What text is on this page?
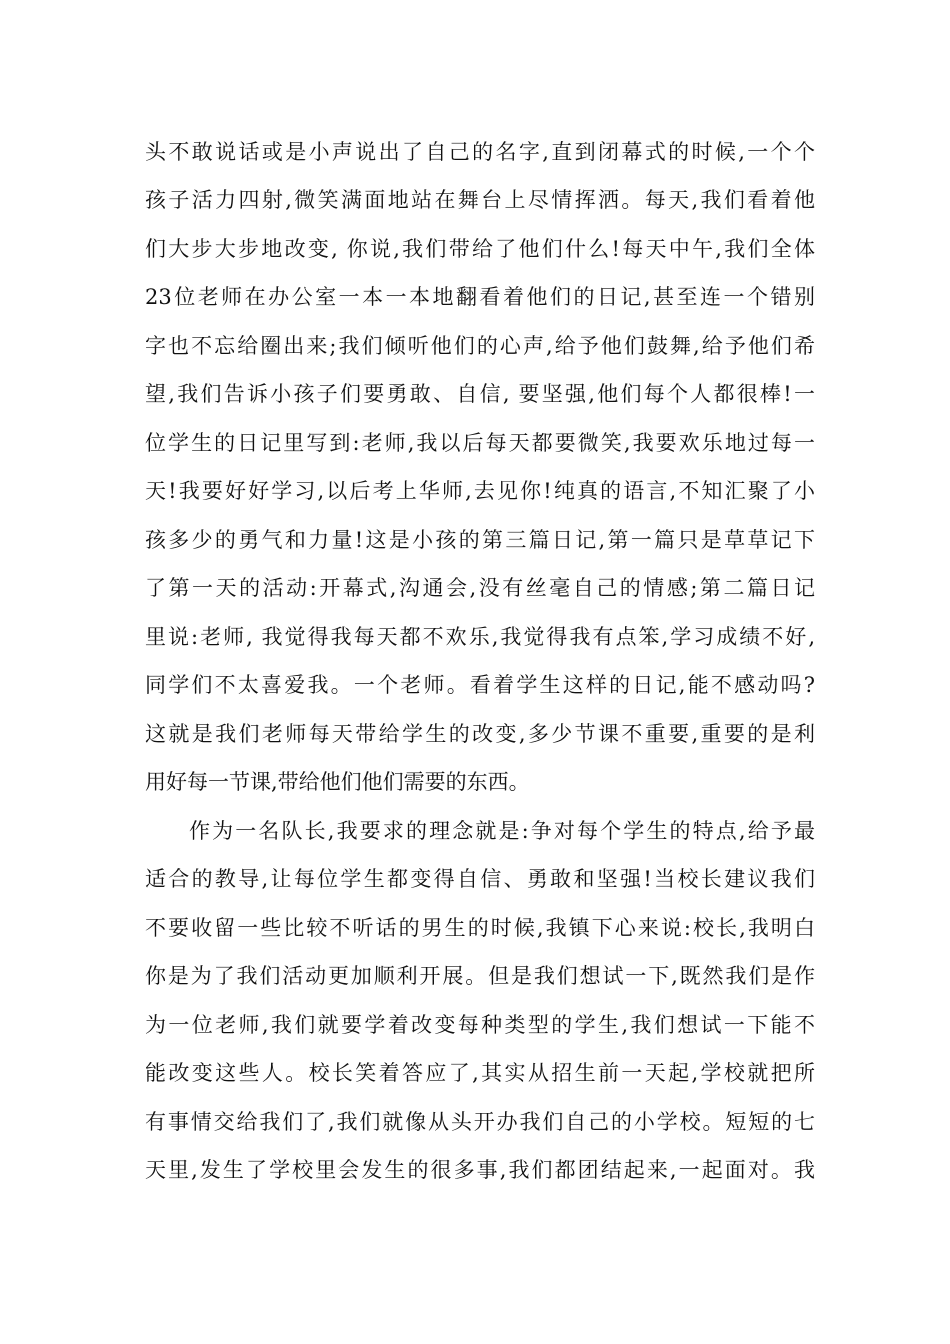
头不敢说话或是小声说出了自己的名字,直到闭幕式的时候,一个个
孩子活力四射,微笑满面地站在舞台上尽情挥洒。每天,我们看着他
们大步大步地改变, 你说,我们带给了他们什么!每天中午,我们全体
23位老师在办公室一本一本地翻看着他们的日记,甚至连一个错别
字也不忘给圈出来;我们倾听他们的心声,给予他们鼓舞,给予他们希
望,我们告诉小孩子们要勇敢、自信, 要坚强,他们每个人都很棒!一
位学生的日记里写到:老师,我以后每天都要微笑,我要欢乐地过每一
天!我要好好学习,以后考上华师,去见你!纯真的语言,不知汇聚了小
孩多少的勇气和力量!这是小孩的第三篇日记,第一篇只是草草记下
了第一天的活动:开幕式,沟通会,没有丝毫自己的情感;第二篇日记
里说:老师, 我觉得我每天都不欢乐,我觉得我有点笨,学习成绩不好,
同学们不太喜爱我。一个老师。看着学生这样的日记,能不感动吗?
这就是我们老师每天带给学生的改变,多少节课不重要,重要的是利
用好每一节课,带给他们他们需要的东西。
作为一名队长,我要求的理念就是:争对每个学生的特点,给予最
适合的教导,让每位学生都变得自信、勇敢和坚强!当校长建议我们
不要收留一些比较不听话的男生的时候,我镇下心来说:校长,我明白
你是为了我们活动更加顺利开展。但是我们想试一下,既然我们是作
为一位老师,我们就要学着改变每种类型的学生,我们想试一下能不
能改变这些人。校长笑着答应了,其实从招生前一天起,学校就把所
有事情交给我们了,我们就像从头开办我们自己的小学校。短短的七
天里,发生了学校里会发生的很多事,我们都团结起来,一起面对。我
